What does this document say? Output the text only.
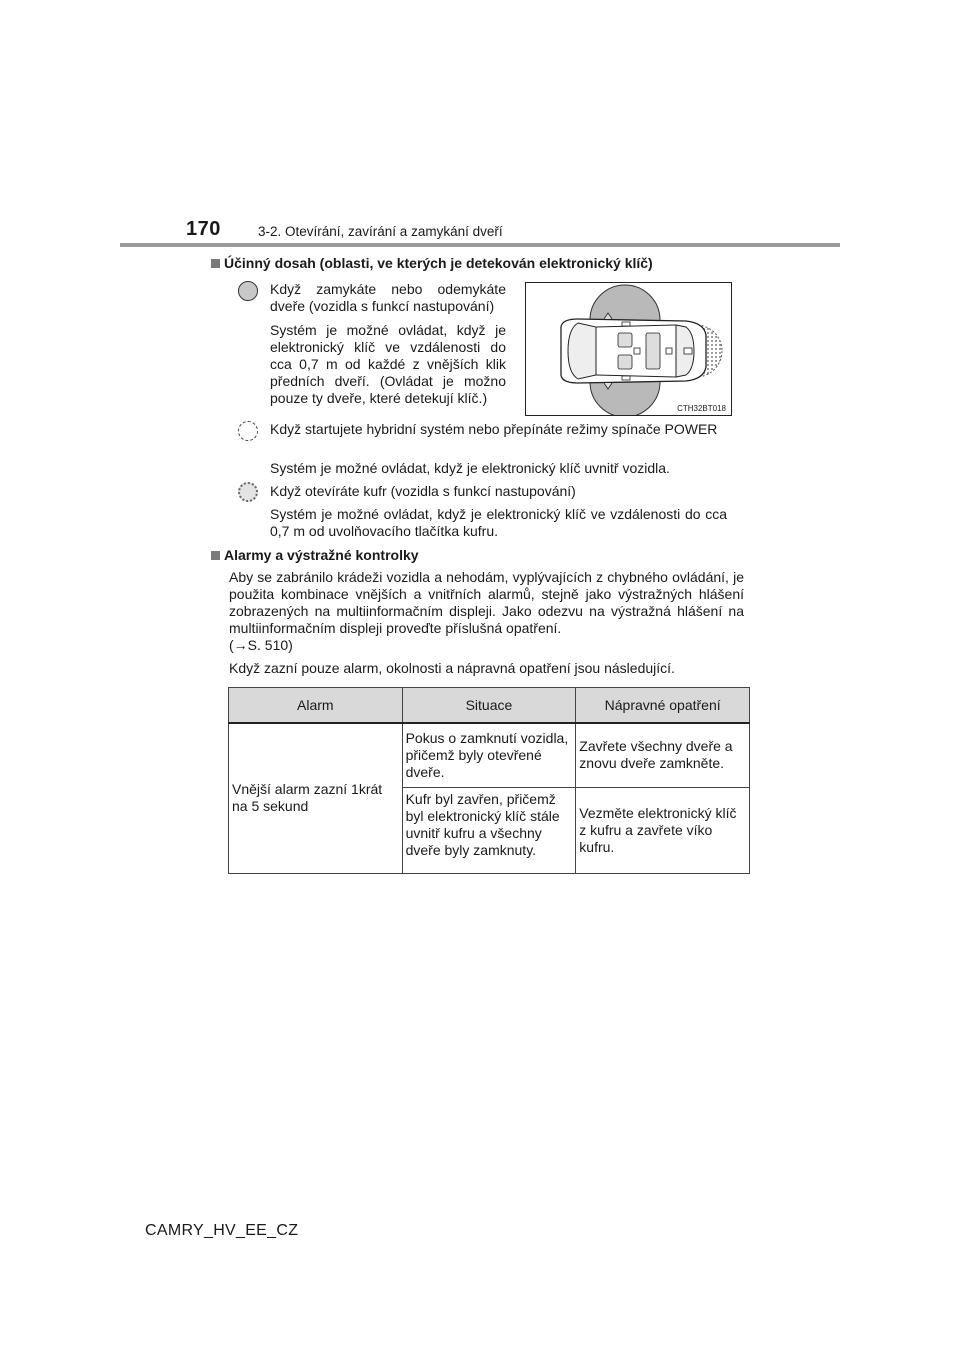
170	3-2. Otevírání, zavírání a zamykání dveří
Účinný dosah (oblasti, ve kterých je detekován elektronický klíč)
Když zamykáte nebo odemykáte dveře (vozidla s funkcí nastupování)
Systém je možné ovládat, když je elektronický klíč ve vzdálenosti do cca 0,7 m od každé z vnějších klik předních dveří. (Ovládat je možno pouze ty dveře, které detekují klíč.)
CTH32BT018
Když startujete hybridní systém nebo přepínáte režimy spínače POWER
Systém je možné ovládat, když je elektronický klíč uvnitř vozidla.
Když otevíráte kufr (vozidla s funkcí nastupování)
Systém je možné ovládat, když je elektronický klíč ve vzdálenosti do cca 0,7 m od uvolňovacího tlačítka kufru.
Alarmy a výstražné kontrolky
Aby se zabránilo krádeži vozidla a nehodám, vyplývajících z chybného ovládání, je použita kombinace vnějších a vnitřních alarmů, stejně jako výstražných hlášení zobrazených na multiinformačním displeji. Jako odezvu na výstražná hlášení na multiinformačním displeji proveďte příslušná opatření.
(→S. 510)
Když zazní pouze alarm, okolnosti a nápravná opatření jsou následující.
Alarm	Situace	Nápravné opatření
Vnější alarm zazní 1krát na 5 sekund	Pokus o zamknutí vozidla, přičemž byly otevřené dveře.	Zavřete všechny dveře a znovu dveře zamkněte.
	Kufr byl zavřen, přičemž byl elektronický klíč stále uvnitř kufru a všechny dveře byly zamknuty.	Vezměte elektronický klíč z kufru a zavřete víko kufru.
CAMRY_HV_EE_CZ
